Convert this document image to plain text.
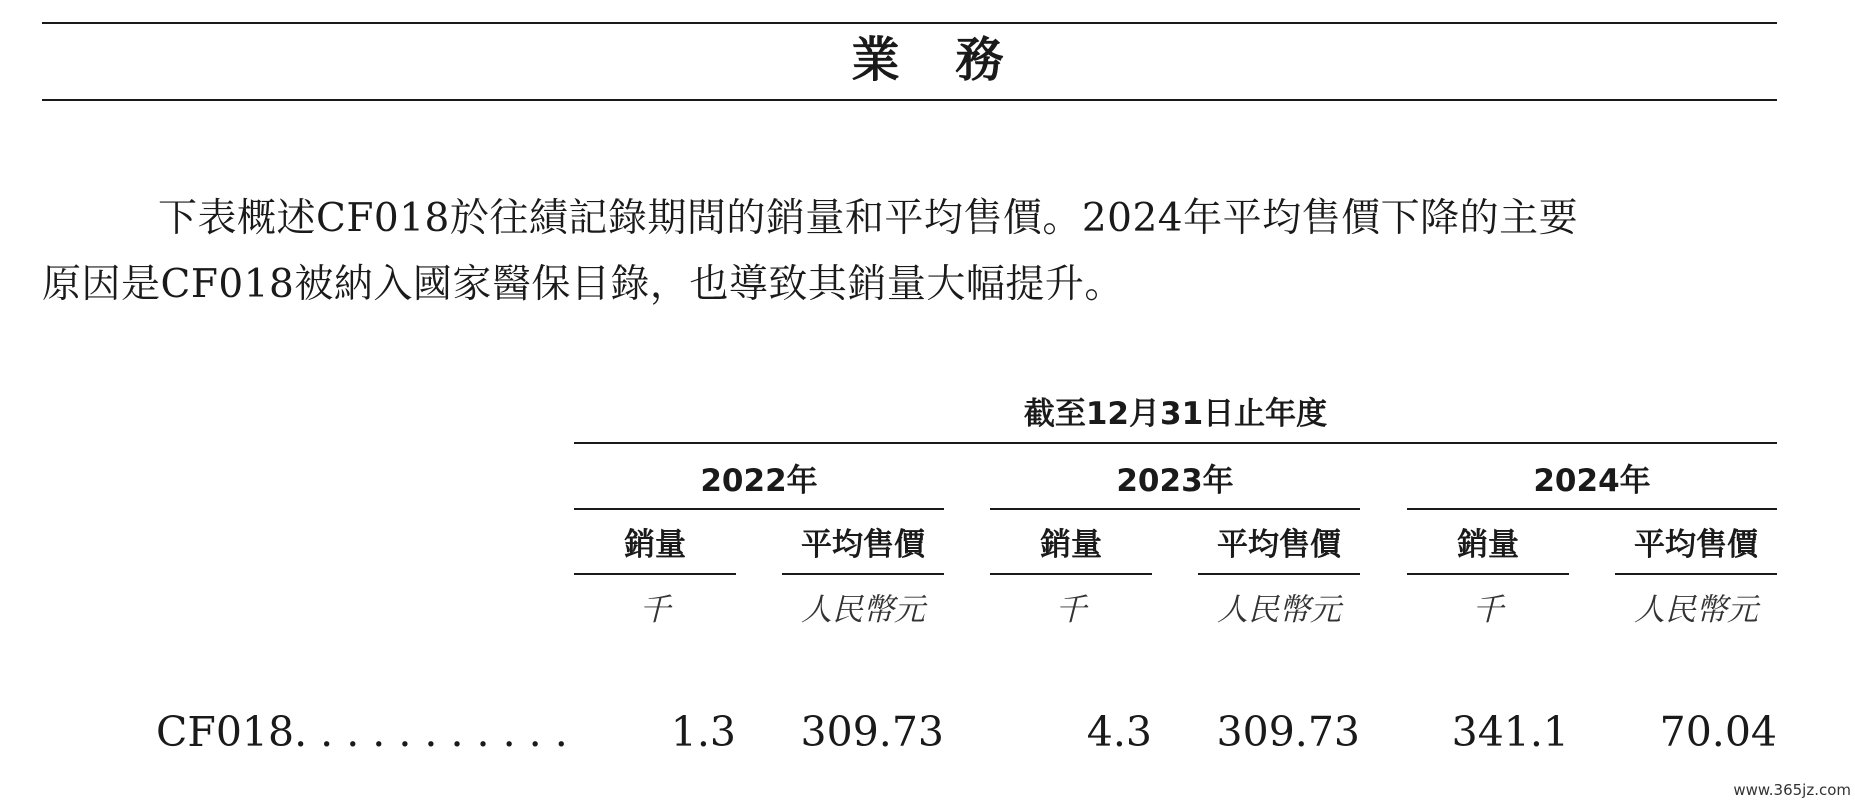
業務
下表概述CF018於往績記錄期間的銷量和平均售價。2024年平均售價下降的主要
原因是CF018被納入國家醫保目錄，也導致其銷量大幅提升。
截至12月31日止年度
2022年
銷量	平均售價
千	人民幣元
2023年
銷量	平均售價
千	人民幣元
2024年
銷量	平均售價
千	人民幣元
CF018. . . . . . . . . . .	1.3	309.73	4.3	309.73	341.1	70.04
www.365jz.com
